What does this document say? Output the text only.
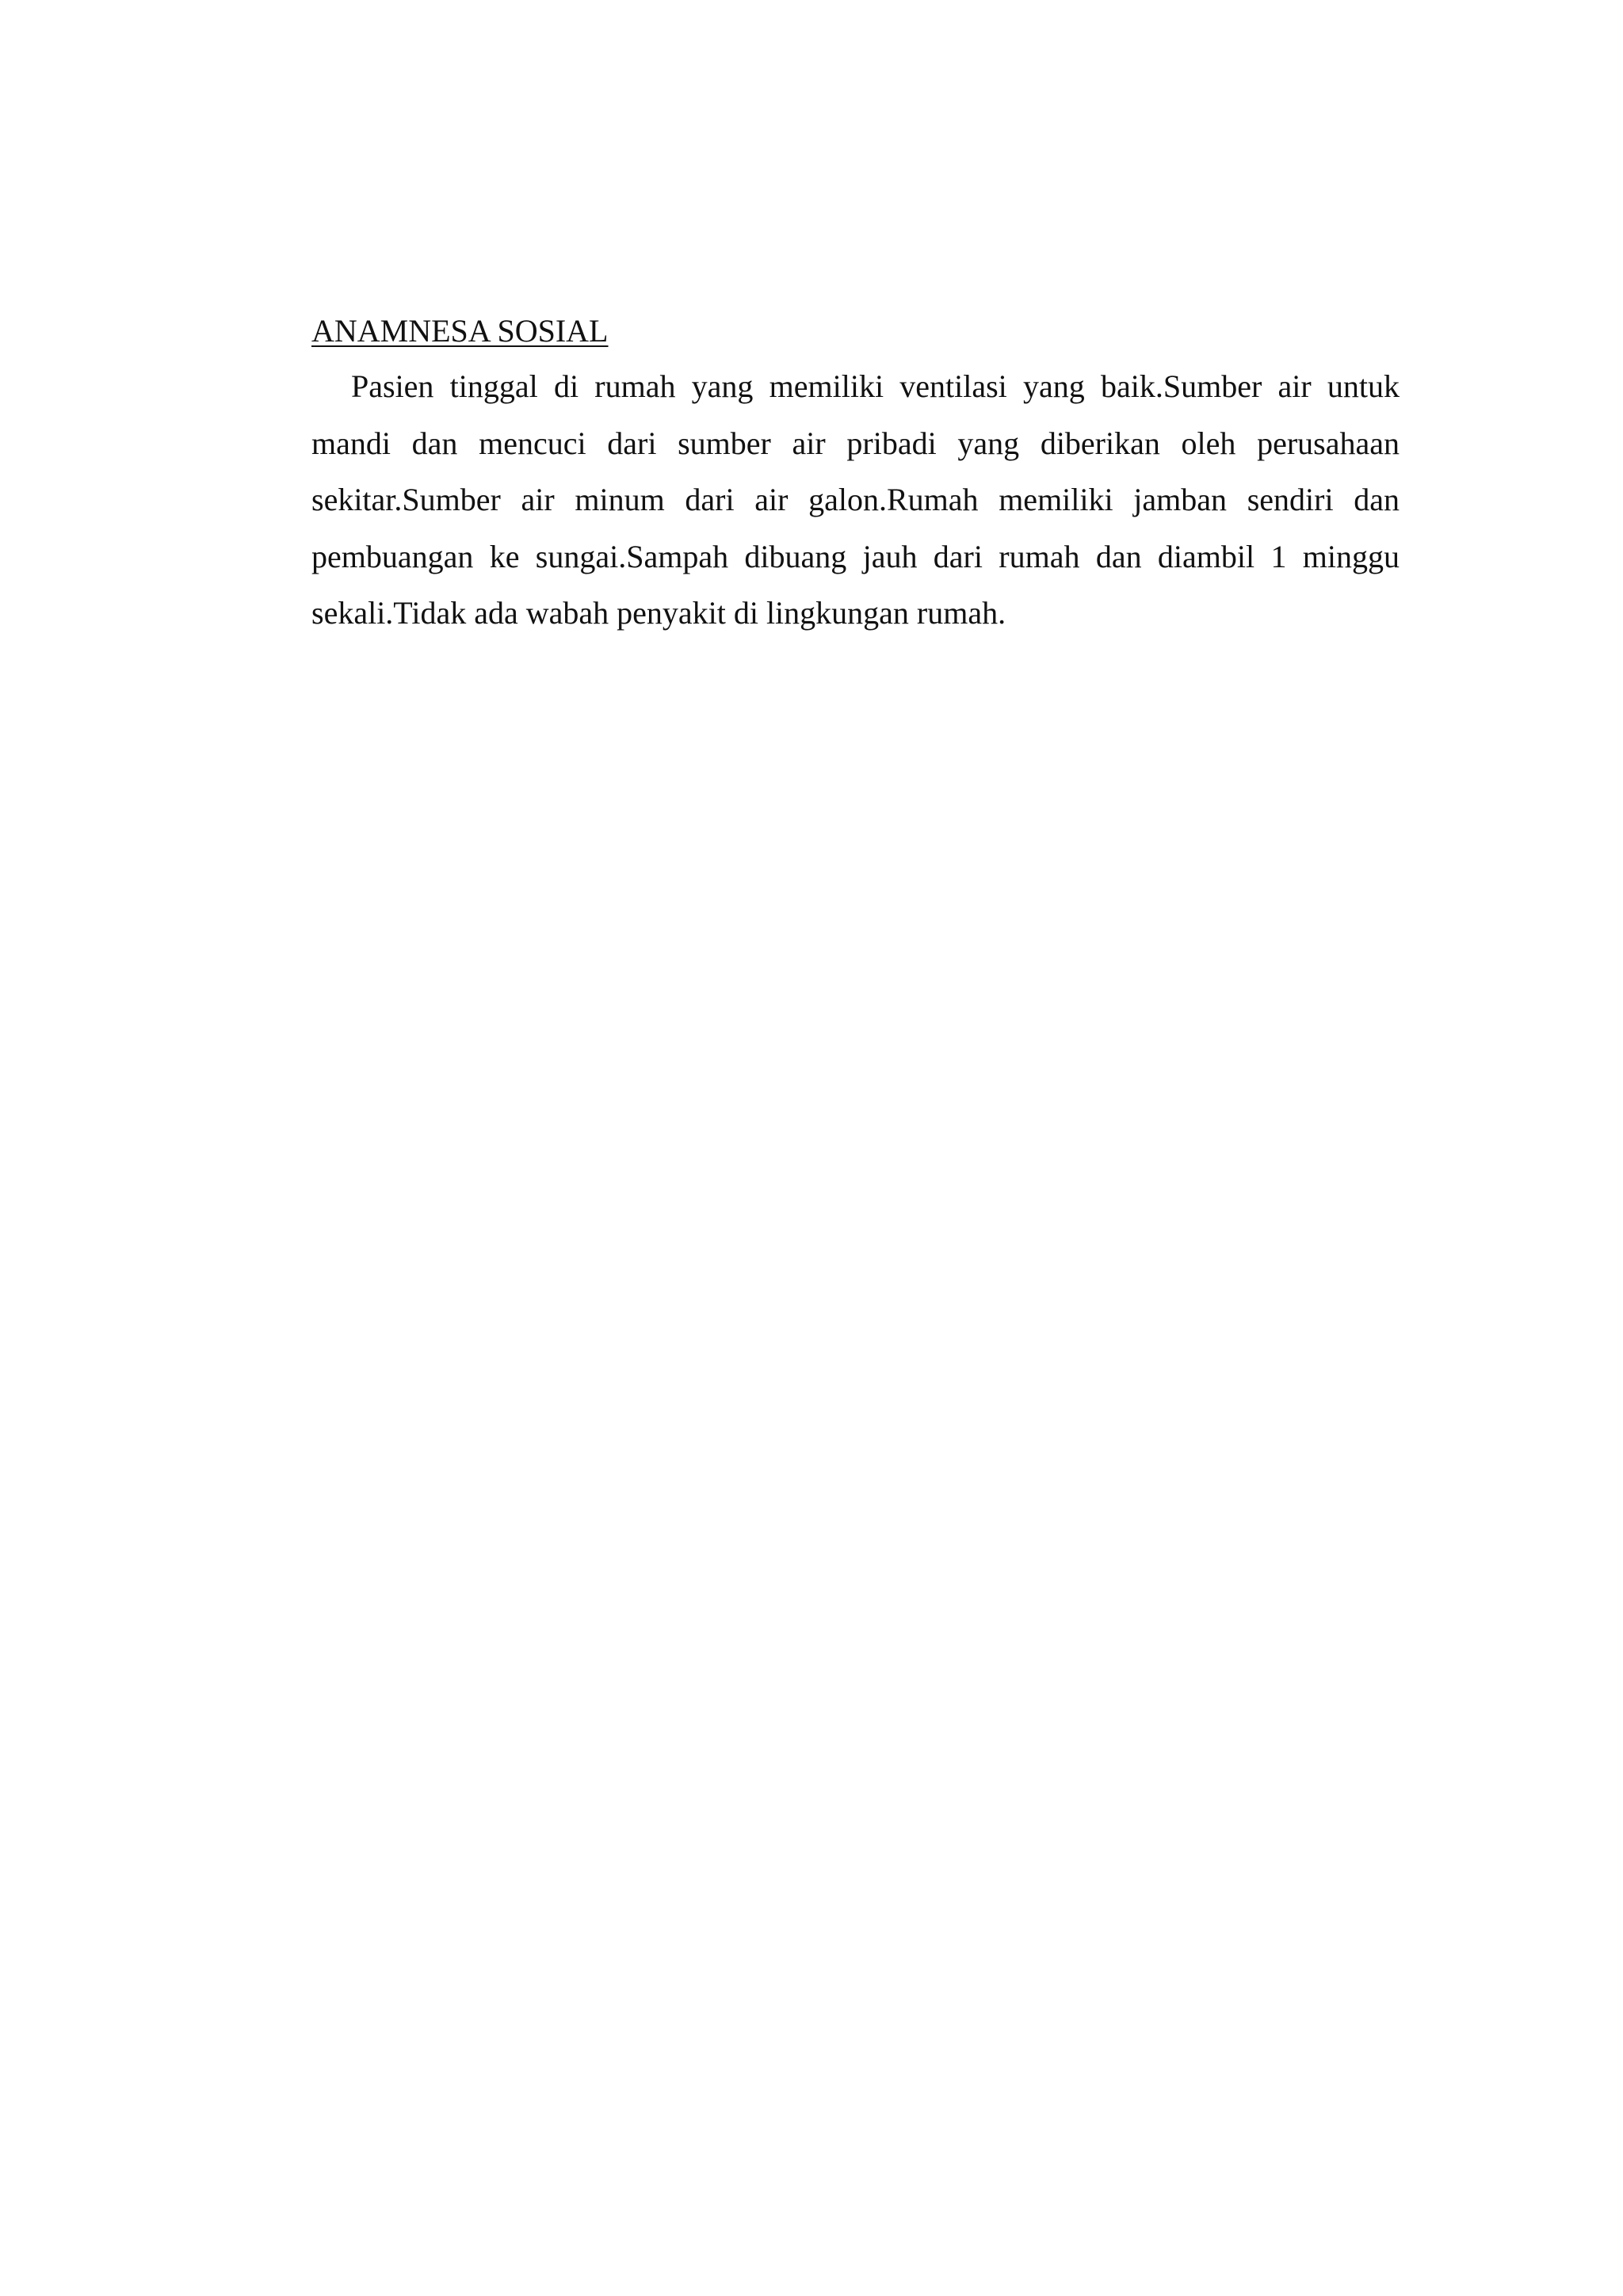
ANAMNESA SOSIAL

Pasien tinggal di rumah yang memiliki ventilasi yang baik.Sumber air untuk mandi dan mencuci dari sumber air pribadi yang diberikan oleh perusahaan sekitar.Sumber air minum dari air galon.Rumah memiliki jamban sendiri dan pembuangan ke sungai.Sampah dibuang jauh dari rumah dan diambil 1 minggu sekali.Tidak ada wabah penyakit di lingkungan rumah.
